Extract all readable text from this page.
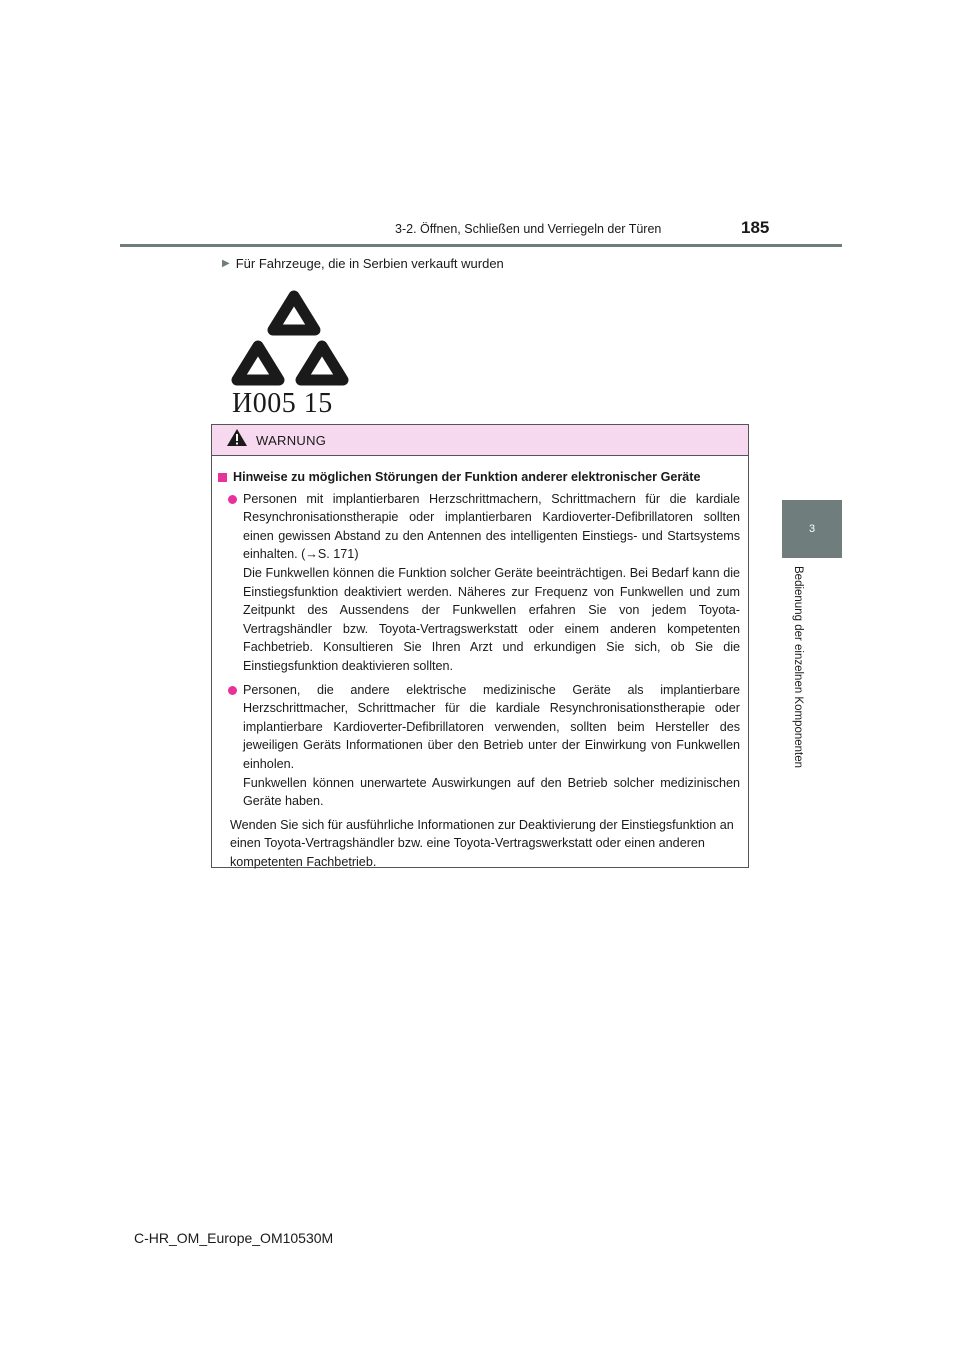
3-2. Öffnen, Schließen und Verriegeln der Türen	185
3
Bedienung der einzelnen Komponenten
▶ Für Fahrzeuge, die in Serbien verkauft wurden
И005 15
WARNUNG
Hinweise zu möglichen Störungen der Funktion anderer elektronischer Geräte

Personen mit implantierbaren Herzschrittmachern, Schrittmachern für die kardiale Resynchronisationstherapie oder implantierbaren Kardioverter-Defibrillatoren sollten einen gewissen Abstand zu den Antennen des intelligenten Einstiegs- und Startsystems einhalten. (→S. 171)

Die Funkwellen können die Funktion solcher Geräte beeinträchtigen. Bei Bedarf kann die Einstiegsfunktion deaktiviert werden. Näheres zur Frequenz von Funkwellen und zum Zeitpunkt des Aussendens der Funkwellen erfahren Sie von jedem Toyota-Vertragshändler bzw. Toyota-Vertragswerkstatt oder einem anderen kompetenten Fachbetrieb. Konsultieren Sie Ihren Arzt und erkundigen Sie sich, ob Sie die Einstiegsfunktion deaktivieren sollten.

Personen, die andere elektrische medizinische Geräte als implantierbare Herzschrittmacher, Schrittmacher für die kardiale Resynchronisationstherapie oder implantierbare Kardioverter-Defibrillatoren verwenden, sollten beim Hersteller des jeweiligen Geräts Informationen über den Betrieb unter der Einwirkung von Funkwellen einholen.

Funkwellen können unerwartete Auswirkungen auf den Betrieb solcher medizinischen Geräte haben.

Wenden Sie sich für ausführliche Informationen zur Deaktivierung der Einstiegsfunktion an einen Toyota-Vertragshändler bzw. eine Toyota-Vertragswerkstatt oder einen anderen kompetenten Fachbetrieb.
C-HR_OM_Europe_OM10530M
